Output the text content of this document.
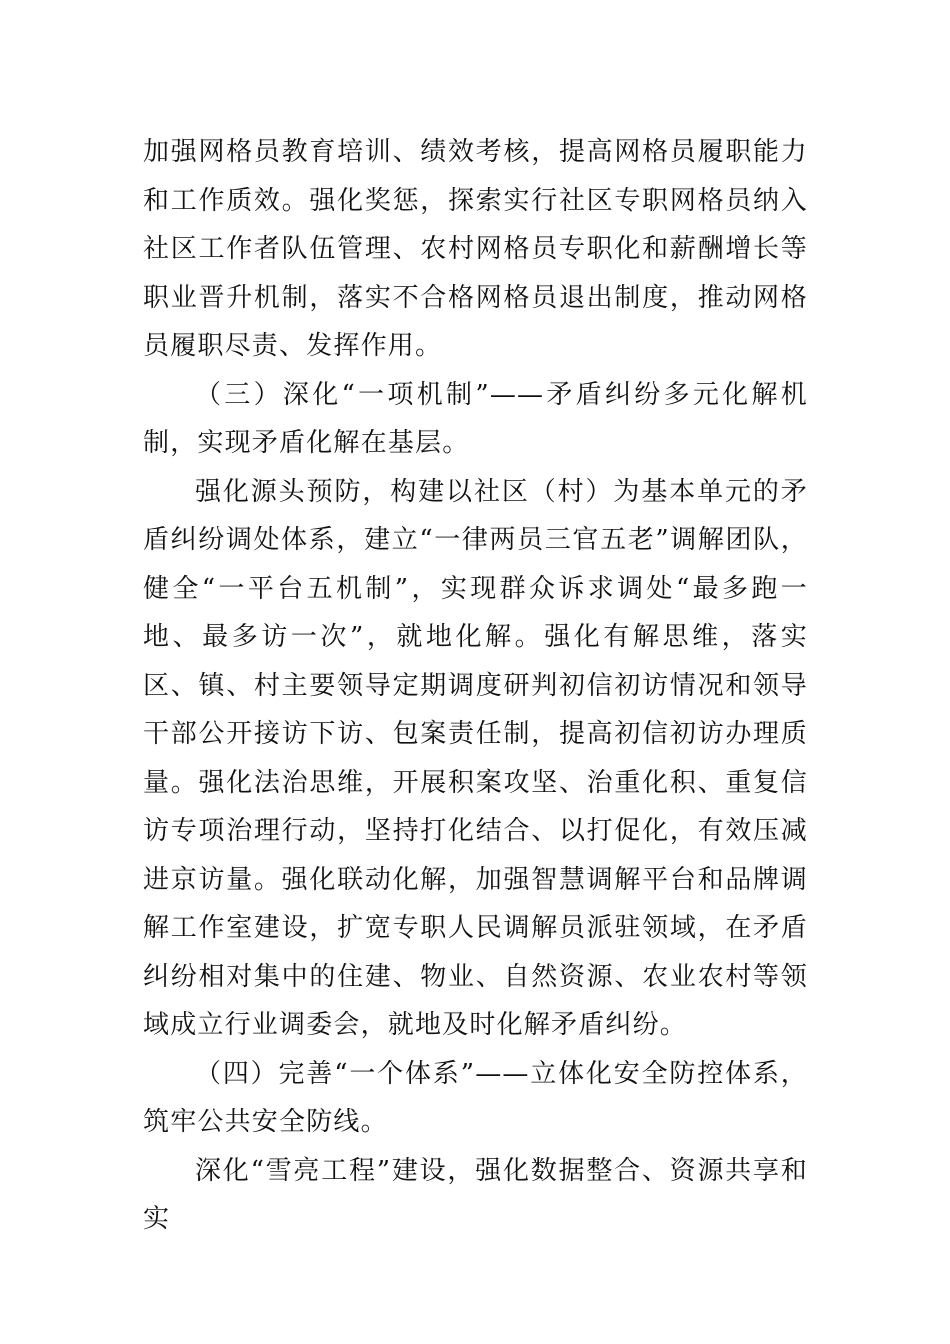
加强网格员教育培训、绩效考核，提高网格员履职能力和工作质效。强化奖惩，探索实行社区专职网格员纳入社区工作者队伍管理、农村网格员专职化和薪酬增长等职业晋升机制，落实不合格网格员退出制度，推动网格员履职尽责、发挥作用。

（三）深化“一项机制”——矛盾纠纷多元化解机制，实现矛盾化解在基层。

强化源头预防，构建以社区（村）为基本单元的矛盾纠纷调处体系，建立“一律两员三官五老”调解团队，健全“一平台五机制”，实现群众诉求调处“最多跑一地、最多访一次”，就地化解。强化有解思维，落实区、镇、村主要领导定期调度研判初信初访情况和领导干部公开接访下访、包案责任制，提高初信初访办理质量。强化法治思维，开展积案攻坚、治重化积、重复信访专项治理行动，坚持打化结合、以打促化，有效压减进京访量。强化联动化解，加强智慧调解平台和品牌调解工作室建设，扩宽专职人民调解员派驻领域，在矛盾纠纷相对集中的住建、物业、自然资源、农业农村等领域成立行业调委会，就地及时化解矛盾纠纷。

（四）完善“一个体系”——立体化安全防控体系，筑牢公共安全防线。

深化“雪亮工程”建设，强化数据整合、资源共享和实
